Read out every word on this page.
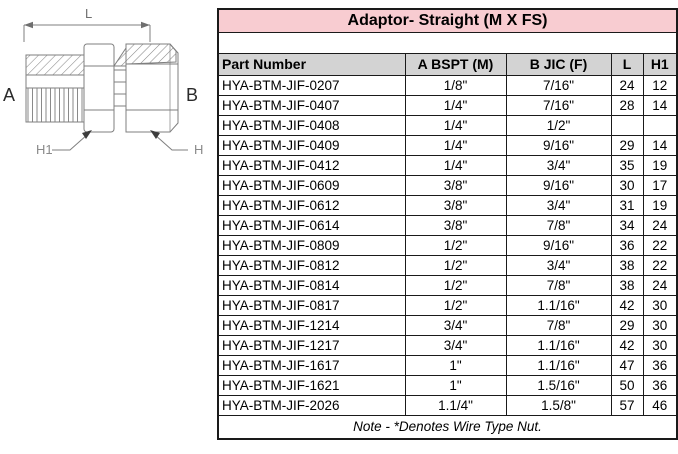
L
A	B
H1	H
Adaptor- Straight (M X FS)				

Part Number	A BSPT (M)	B JIC (F)	L	H1
HYA-BTM-JIF-0207	1/8"	7/16"	24	12
HYA-BTM-JIF-0407	1/4"	7/16"	28	14
HYA-BTM-JIF-0408	1/4"	1/2"		
HYA-BTM-JIF-0409	1/4"	9/16"	29	14
HYA-BTM-JIF-0412	1/4"	3/4"	35	19
HYA-BTM-JIF-0609	3/8"	9/16"	30	17
HYA-BTM-JIF-0612	3/8"	3/4"	31	19
HYA-BTM-JIF-0614	3/8"	7/8"	34	24
HYA-BTM-JIF-0809	1/2"	9/16"	36	22
HYA-BTM-JIF-0812	1/2"	3/4"	38	22
HYA-BTM-JIF-0814	1/2"	7/8"	38	24
HYA-BTM-JIF-0817	1/2"	1.1/16"	42	30
HYA-BTM-JIF-1214	3/4"	7/8"	29	30
HYA-BTM-JIF-1217	3/4"	1.1/16"	42	30
HYA-BTM-JIF-1617	1"	1.1/16"	47	36
HYA-BTM-JIF-1621	1"	1.5/16"	50	36
HYA-BTM-JIF-2026	1.1/4"	1.5/8"	57	46
Note - *Denotes Wire Type Nut.				
